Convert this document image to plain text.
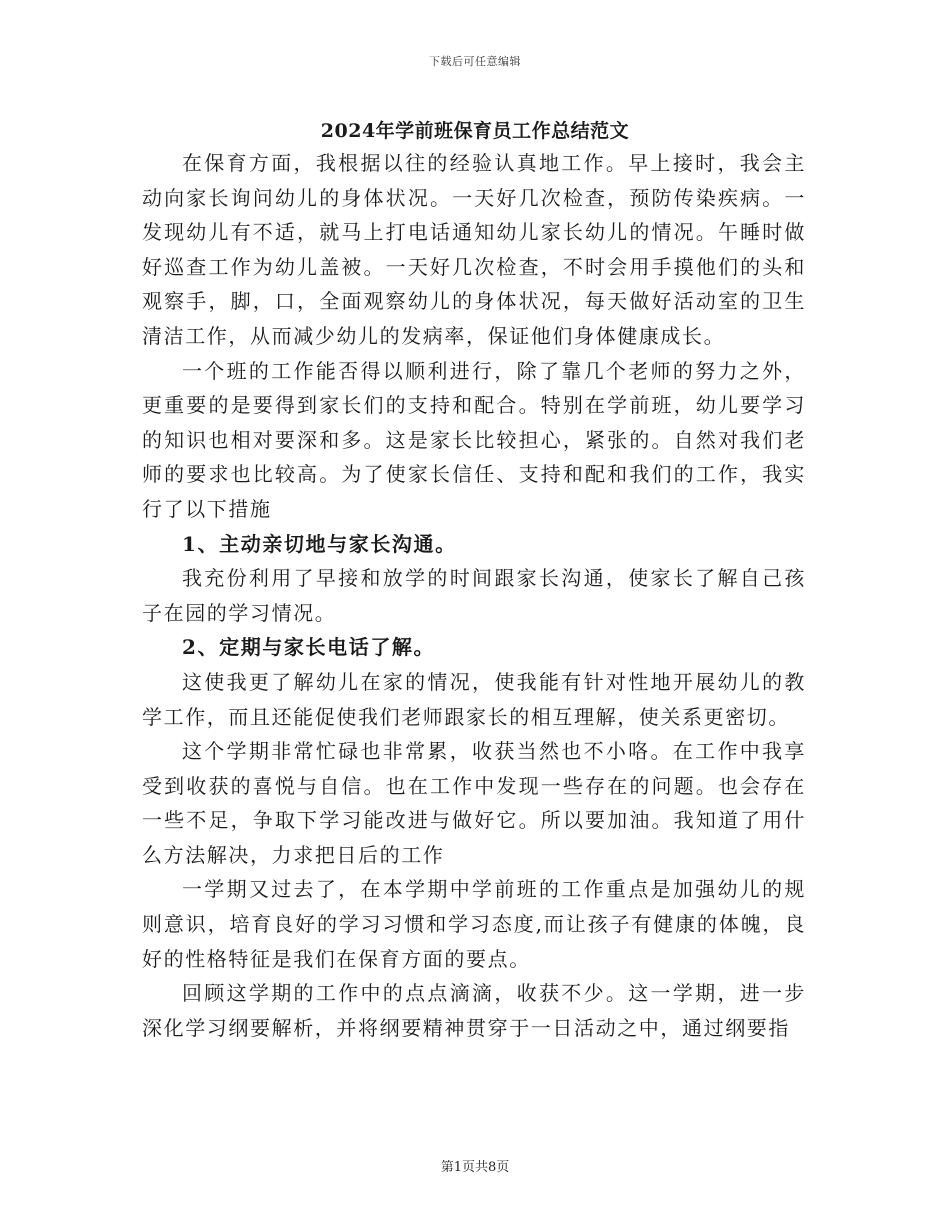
下载后可任意编辑
2024年学前班保育员工作总结范文

在保育方面，我根据以往的经验认真地工作。早上接时，我会主动向家长询问幼儿的身体状况。一天好几次检查，预防传染疾病。一发现幼儿有不适，就马上打电话通知幼儿家长幼儿的情况。午睡时做好巡查工作为幼儿盖被。一天好几次检查，不时会用手摸他们的头和观察手，脚，口，全面观察幼儿的身体状况，每天做好活动室的卫生清洁工作，从而减少幼儿的发病率，保证他们身体健康成长。

一个班的工作能否得以顺利进行，除了靠几个老师的努力之外，更重要的是要得到家长们的支持和配合。特别在学前班，幼儿要学习的知识也相对要深和多。这是家长比较担心，紧张的。自然对我们老师的要求也比较高。为了使家长信任、支持和配和我们的工作，我实行了以下措施

1、主动亲切地与家长沟通。

我充份利用了早接和放学的时间跟家长沟通，使家长了解自己孩子在园的学习情况。

2、定期与家长电话了解。

这使我更了解幼儿在家的情况，使我能有针对性地开展幼儿的教学工作，而且还能促使我们老师跟家长的相互理解，使关系更密切。

这个学期非常忙碌也非常累，收获当然也不小咯。在工作中我享受到收获的喜悦与自信。也在工作中发现一些存在的问题。也会存在一些不足，争取下学习能改进与做好它。所以要加油。我知道了用什么方法解决，力求把日后的工作

一学期又过去了，在本学期中学前班的工作重点是加强幼儿的规则意识，培育良好的学习习惯和学习态度,而让孩子有健康的体魄，良好的性格特征是我们在保育方面的要点。

回顾这学期的工作中的点点滴滴，收获不少。这一学期，进一步深化学习纲要解析，并将纲要精神贯穿于一日活动之中，通过纲要指

第1页共8页
